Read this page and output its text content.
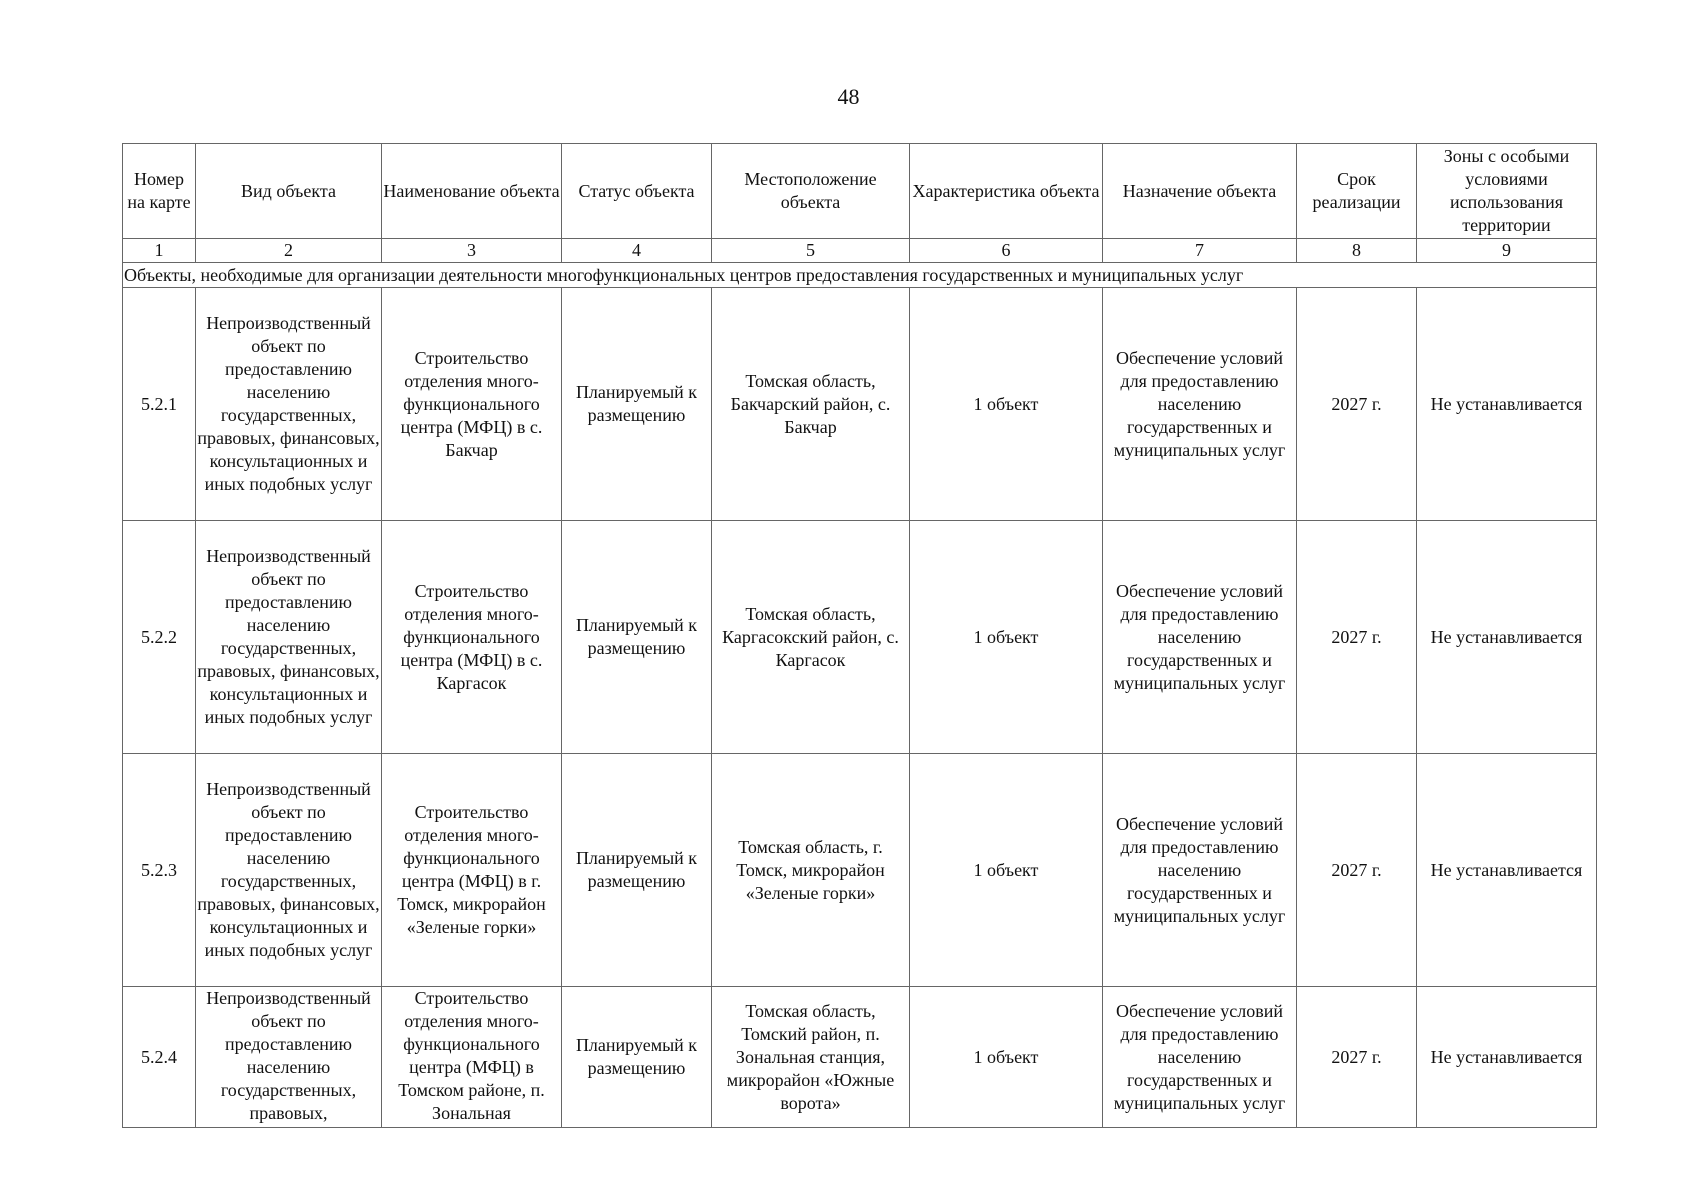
48
Номер на карте	Вид объекта	Наименование объекта	Статус объекта	Местоположение объекта	Характеристика объекта	Назначение объекта	Срок реализации	Зоны с особыми условиями использования территории
1	2	3	4	5	6	7	8	9
Объекты, необходимые для организации деятельности многофункциональных центров предоставления государственных и муниципальных услуг								
5.2.1	Непроизводственный объект по предоставлению населению государственных, правовых, финансовых, консультационных и иных подобных услуг	Строительство отделения много-функционального центра (МФЦ) в с. Бакчар	Планируемый к размещению	Томская область, Бакчарский район, с. Бакчар	1 объект	Обеспечение условий для предоставлению населению государственных и муниципальных услуг	2027 г.	Не устанавливается
5.2.2	Непроизводственный объект по предоставлению населению государственных, правовых, финансовых, консультационных и иных подобных услуг	Строительство отделения много-функционального центра (МФЦ) в с. Каргасок	Планируемый к размещению	Томская область, Каргасокский район, с. Каргасок	1 объект	Обеспечение условий для предоставлению населению государственных и муниципальных услуг	2027 г.	Не устанавливается
5.2.3	Непроизводственный объект по предоставлению населению государственных, правовых, финансовых, консультационных и иных подобных услуг	Строительство отделения много-функционального центра (МФЦ) в г. Томск, микрорайон «Зеленые горки»	Планируемый к размещению	Томская область, г. Томск, микрорайон «Зеленые горки»	1 объект	Обеспечение условий для предоставлению населению государственных и муниципальных услуг	2027 г.	Не устанавливается
5.2.4	Непроизводственный объект по предоставлению населению государственных, правовых,	Строительство отделения много-функционального центра (МФЦ) в Томском районе, п. Зональная	Планируемый к размещению	Томская область, Томский район, п. Зональная станция, микрорайон «Южные ворота»	1 объект	Обеспечение условий для предоставлению населению государственных и муниципальных услуг	2027 г.	Не устанавливается
